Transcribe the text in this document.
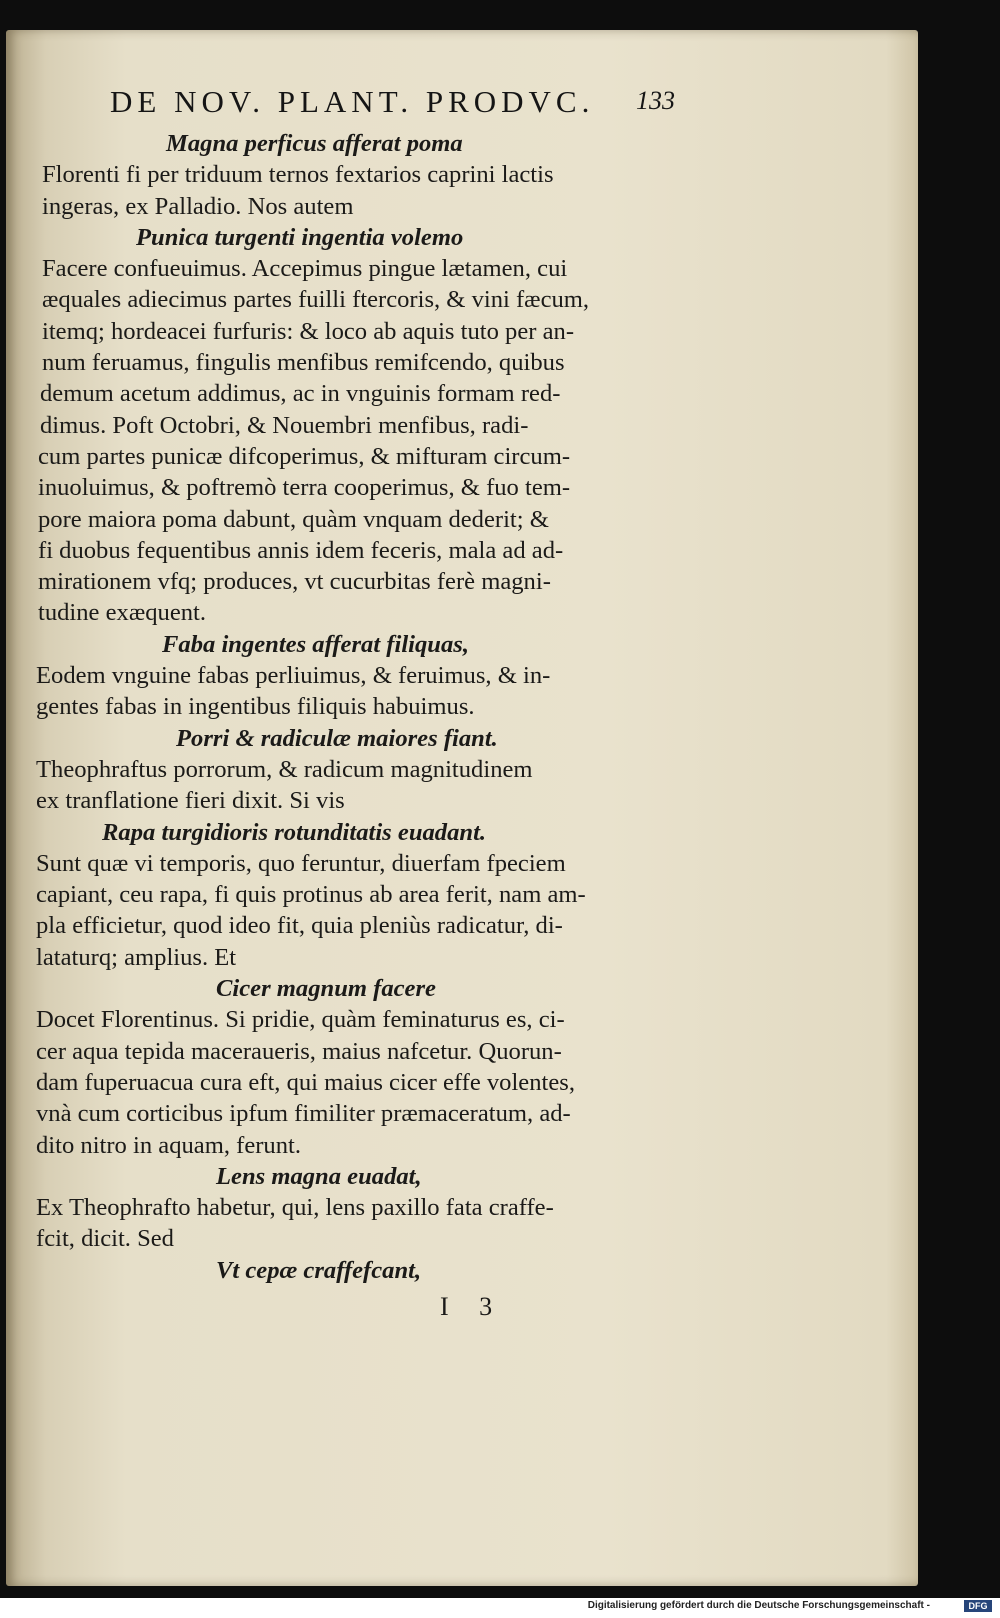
DE NOV. PLANT. PRODVC.	133
Magna perficus afferat poma
Florenti fi per triduum ternos fextarios caprini lactis
ingeras, ex Palladio. Nos autem
Punica turgenti ingentia volemo
Facere confueuimus. Accepimus pingue lætamen, cui
æquales adiecimus partes fuilli ftercoris, & vini fæcum,
itemq; hordeacei furfuris: & loco ab aquis tuto per an-
num feruamus, fingulis menfibus remifcendo, quibus
demum acetum addimus, ac in vnguinis formam red-
dimus. Poft Octobri, & Nouembri menfibus, radi-
cum partes punicæ difcoperimus, & mifturam circum-
inuoluimus, & poftremò terra cooperimus, & fuo tem-
pore maiora poma dabunt, quàm vnquam dederit; &
fi duobus fequentibus annis idem feceris, mala ad ad-
mirationem vfq; produces, vt cucurbitas ferè magni-
tudine exæquent.
Faba ingentes afferat filiquas,
Eodem vnguine fabas perliuimus, & feruimus, & in-
gentes fabas in ingentibus filiquis habuimus.
Porri & radiculæ maiores fiant.
Theophraftus porrorum, & radicum magnitudinem
ex tranflatione fieri dixit. Si vis
Rapa turgidioris rotunditatis euadant.
Sunt quæ vi temporis, quo feruntur, diuerfam fpeciem
capiant, ceu rapa, fi quis protinus ab area ferit, nam am-
pla efficietur, quod ideo fit, quia pleniùs radicatur, di-
lataturq; amplius. Et
Cicer magnum facere
Docet Florentinus. Si pridie, quàm feminaturus es, ci-
cer aqua tepida maceraueris, maius nafcetur. Quorun-
dam fuperuacua cura eft, qui maius cicer effe volentes,
vnà cum corticibus ipfum fimiliter præmaceratum, ad-
dito nitro in aquam, ferunt.
Lens magna euadat,
Ex Theophrafto habetur, qui, lens paxillo fata craffe-
fcit, dicit. Sed
Vt cepæ craffefcant,
I 3
Digitalisierung gefördert durch die Deutsche Forschungsgemeinschaft -	DFG
